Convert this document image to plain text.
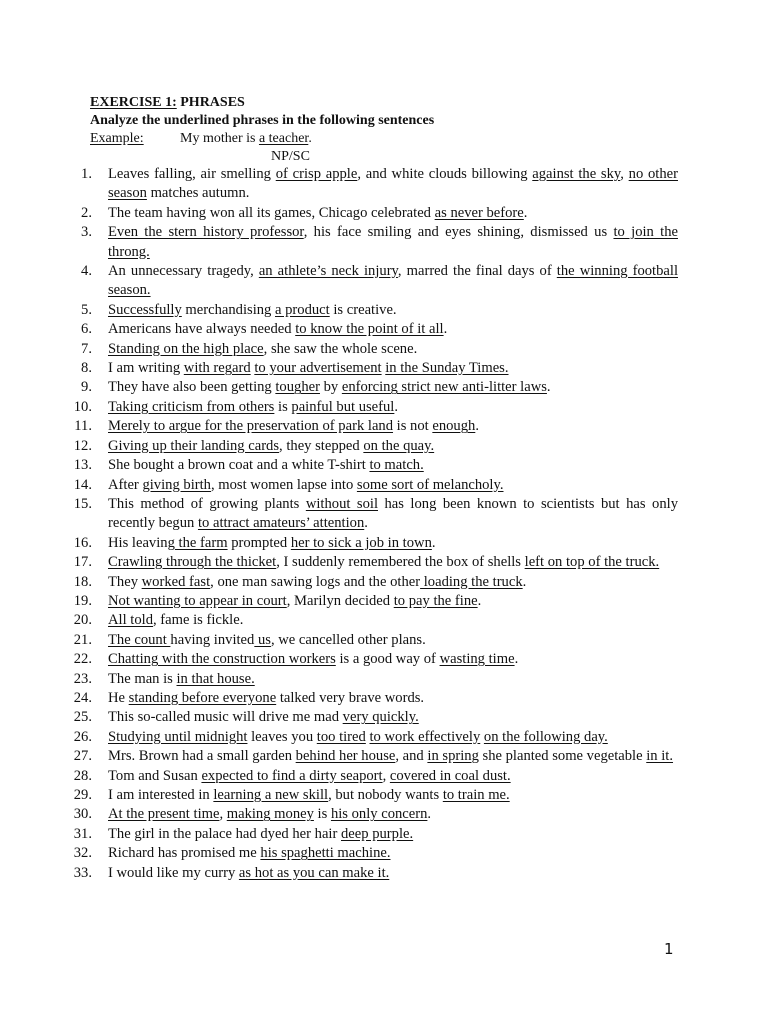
EXERCISE 1: PHRASES
Analyze the underlined phrases in the following sentences
Example:	My mother is a teacher.
NP/SC
1. Leaves falling, air smelling of crisp apple, and white clouds billowing against the sky, no other season matches autumn.
2. The team having won all its games, Chicago celebrated as never before.
3. Even the stern history professor, his face smiling and eyes shining, dismissed us to join the throng.
4. An unnecessary tragedy, an athlete’s neck injury, marred the final days of the winning football season.
5. Successfully merchandising a product is creative.
6. Americans have always needed to know the point of it all.
7. Standing on the high place, she saw the whole scene.
8. I am writing with regard to your advertisement in the Sunday Times.
9. They have also been getting tougher by enforcing strict new anti-litter laws.
10. Taking criticism from others is painful but useful.
11. Merely to argue for the preservation of park land is not enough.
12. Giving up their landing cards, they stepped on the quay.
13. She bought a brown coat and a white T-shirt to match.
14. After giving birth, most women lapse into some sort of melancholy.
15. This method of growing plants without soil has long been known to scientists but has only recently begun to attract amateurs’ attention.
16. His leaving the farm prompted her to sick a job in town.
17. Crawling through the thicket, I suddenly remembered the box of shells left on top of the truck.
18. They worked fast, one man sawing logs and the other loading the truck.
19. Not wanting to appear in court, Marilyn decided to pay the fine.
20. All told, fame is fickle.
21. The count having invited us, we cancelled other plans.
22. Chatting with the construction workers is a good way of wasting time.
23. The man is in that house.
24. He standing before everyone talked very brave words.
25. This so-called music will drive me mad very quickly.
26. Studying until midnight leaves you too tired to work effectively on the following day.
27. Mrs. Brown had a small garden behind her house, and in spring she planted some vegetable in it.
28. Tom and Susan expected to find a dirty seaport, covered in coal dust.
29. I am interested in learning a new skill, but nobody wants to train me.
30. At the present time, making money is his only concern.
31. The girl in the palace had dyed her hair deep purple.
32. Richard has promised me his spaghetti machine.
33. I would like my curry as hot as you can make it.
1
